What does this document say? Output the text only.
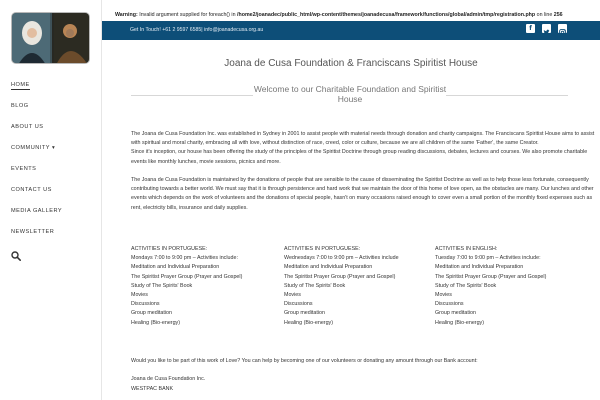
HOME
BLOG
ABOUT US
COMMUNITY ▾
EVENTS
CONTACT US
MEDIA GALLERY
NEWSLETTER
Warning: Invalid argument supplied for foreach() in /home2/joanadec/public_html/wp-content/themes/joanadecusa/framework/functions/global/admin/tmp/registration.php on line 256
Get In Touch! +61 2 9597 6585| info@joanadecusa.org.au	f
Joana de Cusa Foundation & Franciscans Spiritist House
Welcome to our Charitable Foundation and Spiritist House

The Joana de Cusa Foundation Inc. was established in Sydney in 2001 to assist people with material needs through donation and charity campaigns. The Franciscans Spiritist House aims to assist with spiritual and moral charity, embracing all with love, without distinction of race, creed, color or culture, because we are all children of the same 'Father', the same Creator.
Since it's inception, our house has been offering the study of the principles of the Spiritist Doctrine through group reading discussions, debates, lectures and courses. We also promote charitable events like monthly lunches, movie sessions, picnics and more.

The Joana de Cusa Foundation is maintained by the donations of people that are sensible to the cause of disseminating the Spiritist Doctrine as well as to help those less fortunate, consequently contributing towards a better world. We must say that it is through persistence and hard work that we maintain the door of this home of love open, as the obstacles are many. Our lunches and other events which depends on the work of volunteers and the donations of special people, hasn't on many occasions raised enough to cover even a small portion of the monthly fixed expenses such as rent, electricity bills, insurance and daily supplies.

ACTIVITIES IN PORTUGUESE:
Mondays 7:00 to 9:00 pm – Activities include:
Meditation and Individual Preparation
The Spiritist Prayer Group (Prayer and Gospel)
Study of The Spirits' Book
Movies
Discussions
Group meditation
Healing (Bio-energy)
ACTIVITIES IN PORTUGUESE:
Wednesdays 7:00 to 9:00 pm – Activities include
Meditation and Individual Preparation
The Spiritist Prayer Group (Prayer and Gospel)
Study of The Spirits' Book
Movies
Discussions
Group meditation
Healing (Bio-energy)
ACTIVITIES IN ENGLISH:
Tuesday 7:00 to 9:00 pm – Activities include:
Meditation and Individual Preparation
The Spiritist Prayer Group (Prayer and Gospel)
Study of The Spirits' Book
Movies
Discussions
Group meditation
Healing (Bio-energy)
Would you like to be part of this work of Love? You can help by becoming one of our volunteers or donating any amount through our Bank account:
Joana de Cusa Foundation Inc.
WESTPAC BANK
